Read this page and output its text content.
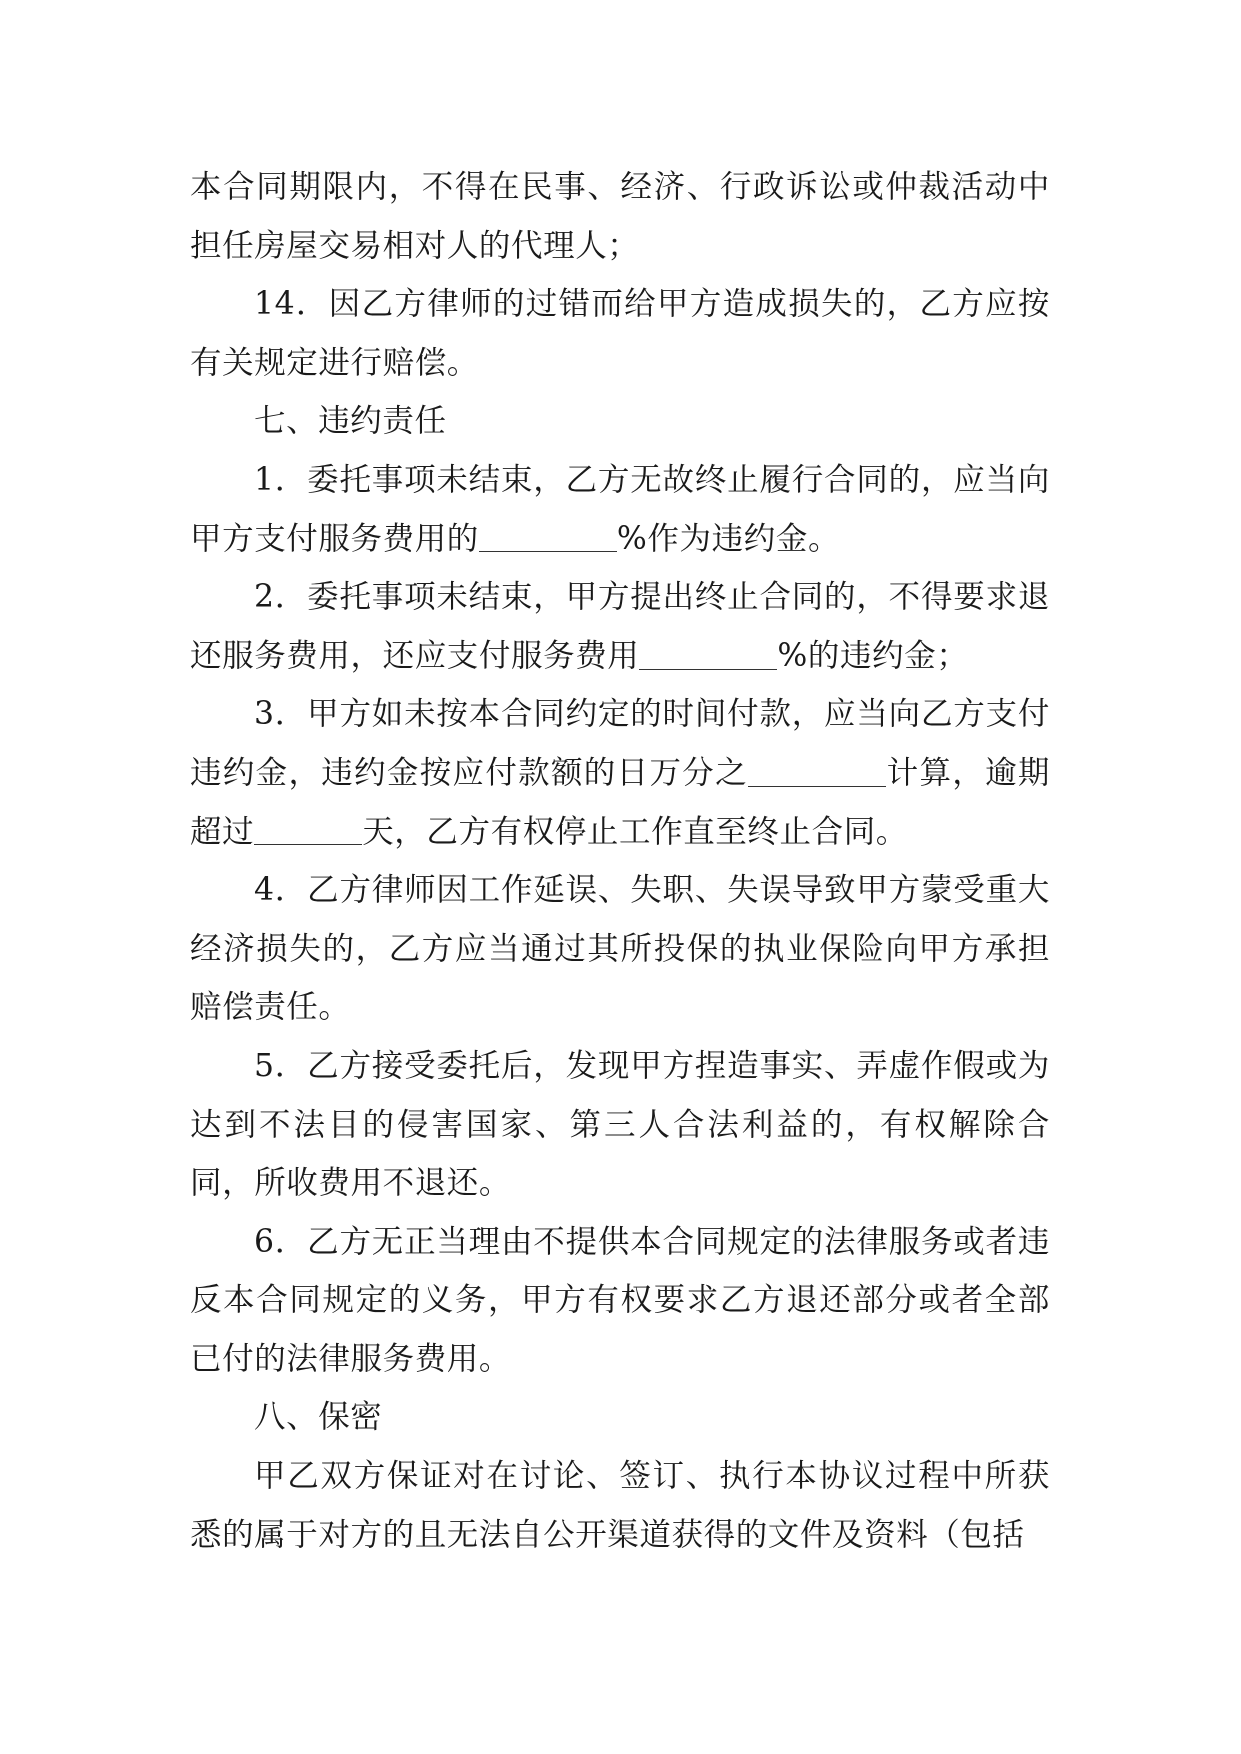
本合同期限内，不得在民事、经济、行政诉讼或仲裁活动中担任房屋交易相对人的代理人；

14．因乙方律师的过错而给甲方造成损失的，乙方应按有关规定进行赔偿。

七、违约责任

1．委托事项未结束，乙方无故终止履行合同的，应当向甲方支付服务费用的	%作为违约金。

2．委托事项未结束，甲方提出终止合同的，不得要求退还服务费用，还应支付服务费用	%的违约金；

3．甲方如未按本合同约定的时间付款，应当向乙方支付违约金，违约金按应付款额的日万分之	计算，逾期超过	天，乙方有权停止工作直至终止合同。

4．乙方律师因工作延误、失职、失误导致甲方蒙受重大经济损失的，乙方应当通过其所投保的执业保险向甲方承担赔偿责任。

5．乙方接受委托后，发现甲方捏造事实、弄虚作假或为达到不法目的侵害国家、第三人合法利益的，有权解除合同，所收费用不退还。

6．乙方无正当理由不提供本合同规定的法律服务或者违反本合同规定的义务，甲方有权要求乙方退还部分或者全部已付的法律服务费用。

八、保密

甲乙双方保证对在讨论、签订、执行本协议过程中所获悉的属于对方的且无法自公开渠道获得的文件及资料（包括
